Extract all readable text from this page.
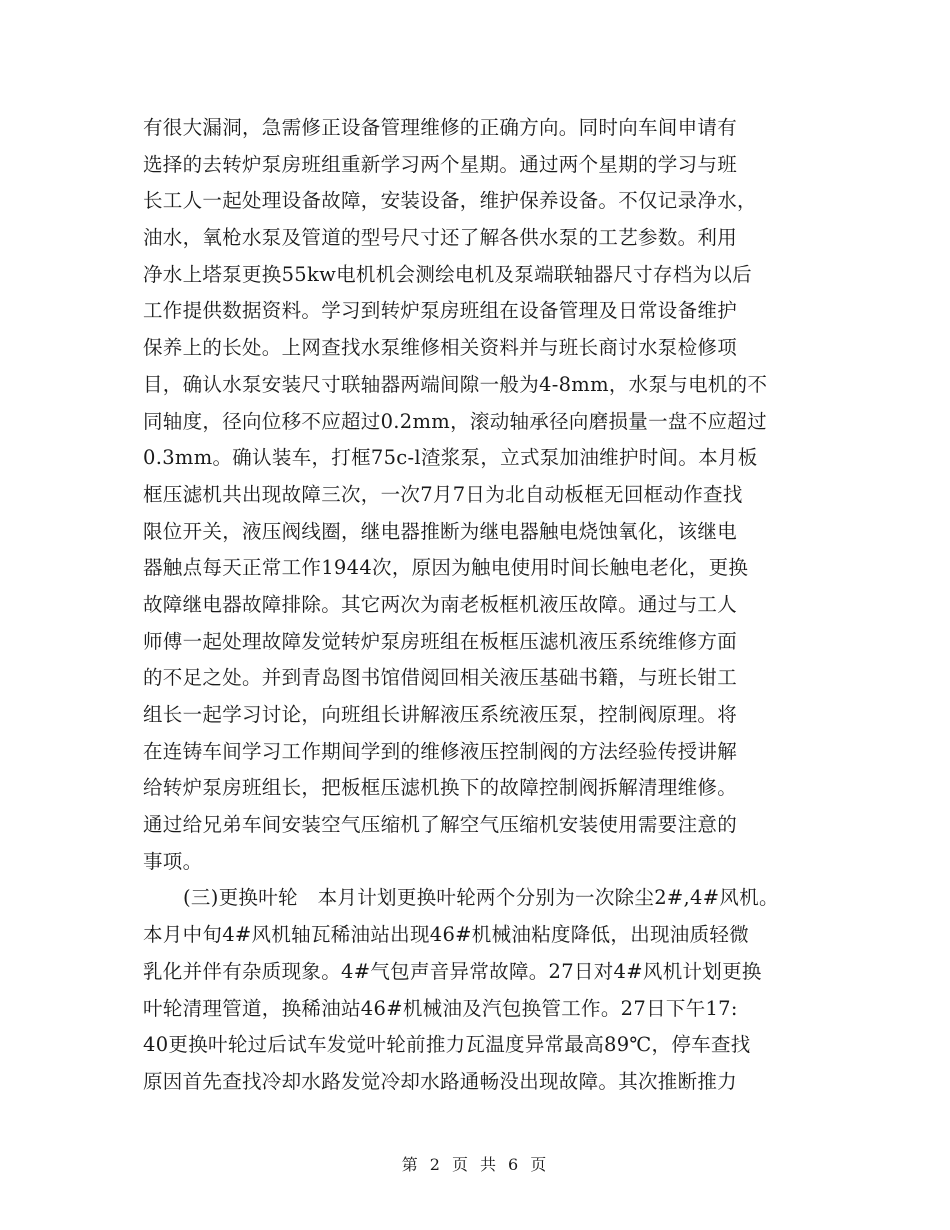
有很大漏洞，急需修正设备管理维修的正确方向。同时向车间申请有
选择的去转炉泵房班组重新学习两个星期。通过两个星期的学习与班
长工人一起处理设备故障，安装设备，维护保养设备。不仅记录净水，
油水，氧枪水泵及管道的型号尺寸还了解各供水泵的工艺参数。利用
净水上塔泵更换55kw电机机会测绘电机及泵端联轴器尺寸存档为以后
工作提供数据资料。学习到转炉泵房班组在设备管理及日常设备维护
保养上的长处。上网查找水泵维修相关资料并与班长商讨水泵检修项
目，确认水泵安装尺寸联轴器两端间隙一般为4-8mm，水泵与电机的不
同轴度，径向位移不应超过0.2mm，滚动轴承径向磨损量一盘不应超过
0.3mm。确认装车，打框75c-l渣浆泵，立式泵加油维护时间。本月板
框压滤机共出现故障三次，一次7月7日为北自动板框无回框动作查找
限位开关，液压阀线圈，继电器推断为继电器触电烧蚀氧化，该继电
器触点每天正常工作1944次，原因为触电使用时间长触电老化，更换
故障继电器故障排除。其它两次为南老板框机液压故障。通过与工人
师傅一起处理故障发觉转炉泵房班组在板框压滤机液压系统维修方面
的不足之处。并到青岛图书馆借阅回相关液压基础书籍，与班长钳工
组长一起学习讨论，向班组长讲解液压系统液压泵，控制阀原理。将
在连铸车间学习工作期间学到的维修液压控制阀的方法经验传授讲解
给转炉泵房班组长，把板框压滤机换下的故障控制阀拆解清理维修。
通过给兄弟车间安装空气压缩机了解空气压缩机安装使用需要注意的
事项。
(三)更换叶轮　本月计划更换叶轮两个分别为一次除尘2#,4#风机。
本月中旬4#风机轴瓦稀油站出现46#机械油粘度降低，出现油质轻微
乳化并伴有杂质现象。4#气包声音异常故障。27日对4#风机计划更换
叶轮清理管道，换稀油站46#机械油及汽包换管工作。27日下午17:
40更换叶轮过后试车发觉叶轮前推力瓦温度异常最高89℃，停车查找
原因首先查找冷却水路发觉冷却水路通畅没出现故障。其次推断推力
第 2 页 共 6 页
